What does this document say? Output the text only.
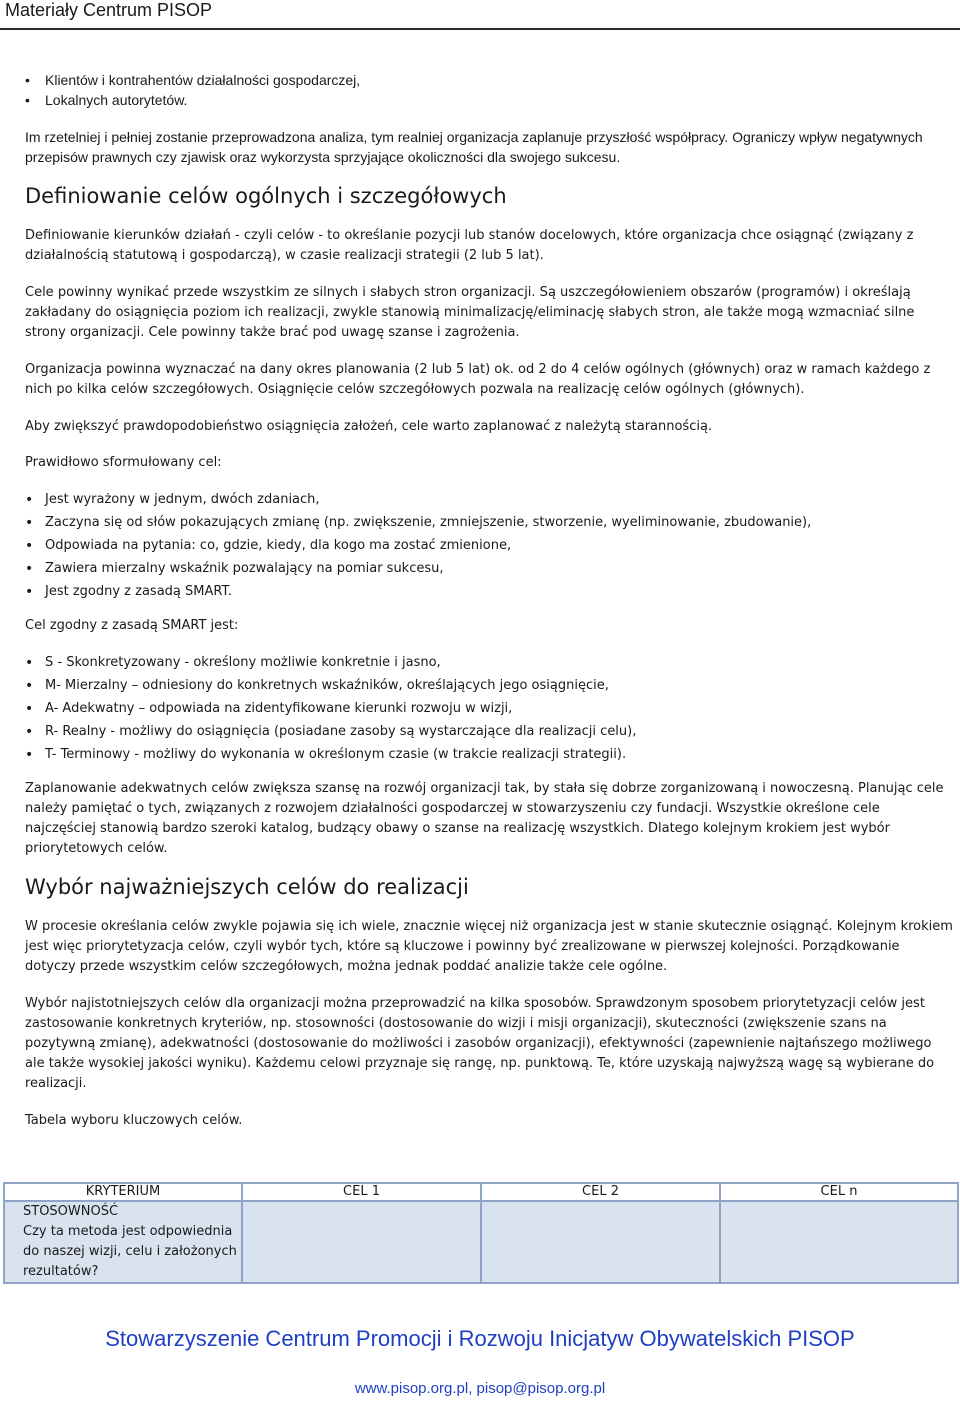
Materiały Centrum PISOP
• Klientów i kontrahentów działalności gospodarczej,
• Lokalnych autorytetów.

Im rzetelniej i pełniej zostanie przeprowadzona analiza, tym realniej organizacja zaplanuje przyszłość współpracy. Ograniczy wpływ negatywnych przepisów prawnych czy zjawisk oraz wykorzysta sprzyjające okoliczności dla swojego sukcesu.

Definiowanie celów ogólnych i szczegółowych

Definiowanie kierunków działań - czyli celów - to określanie pozycji lub stanów docelowych, które organizacja chce osiągnąć (związany z działalnością statutową i gospodarczą), w czasie realizacji strategii (2 lub 5 lat).

Cele powinny wynikać przede wszystkim ze silnych i słabych stron organizacji. Są uszczegółowieniem obszarów (programów) i określają zakładany do osiągnięcia poziom ich realizacji, zwykle stanowią minimalizację/eliminację słabych stron, ale także mogą wzmacniać silne strony organizacji. Cele powinny także brać pod uwagę szanse i zagrożenia.

Organizacja powinna wyznaczać na dany okres planowania (2 lub 5 lat) ok. od 2 do 4 celów ogólnych (głównych) oraz w ramach każdego z nich po kilka celów szczegółowych. Osiągnięcie celów szczegółowych pozwala na realizację celów ogólnych (głównych).

Aby zwiększyć prawdopodobieństwo osiągnięcia założeń, cele warto zaplanować z należytą starannością.

Prawidłowo sformułowany cel:

• Jest wyrażony w jednym, dwóch zdaniach,
• Zaczyna się od słów pokazujących zmianę (np. zwiększenie, zmniejszenie, stworzenie, wyeliminowanie, zbudowanie),
• Odpowiada na pytania: co, gdzie, kiedy, dla kogo ma zostać zmienione,
• Zawiera mierzalny wskaźnik pozwalający na pomiar sukcesu,
• Jest zgodny z zasadą SMART.

Cel zgodny z zasadą SMART jest:

• S - Skonkretyzowany - określony możliwie konkretnie i jasno,
• M- Mierzalny – odniesiony do konkretnych wskaźników, określających jego osiągnięcie,
• A- Adekwatny – odpowiada na zidentyfikowane kierunki rozwoju w wizji,
• R- Realny - możliwy do osiągnięcia (posiadane zasoby są wystarczające dla realizacji celu),
• T- Terminowy - możliwy do wykonania w określonym czasie (w trakcie realizacji strategii).

Zaplanowanie adekwatnych celów zwiększa szansę na rozwój organizacji tak, by stała się dobrze zorganizowaną i nowoczesną. Planując cele należy pamiętać o tych, związanych z rozwojem działalności gospodarczej w stowarzyszeniu czy fundacji. Wszystkie określone cele najczęściej stanowią bardzo szeroki katalog, budzący obawy o szanse na realizację wszystkich. Dlatego kolejnym krokiem jest wybór priorytetowych celów.

Wybór najważniejszych celów do realizacji

W procesie określania celów zwykle pojawia się ich wiele, znacznie więcej niż organizacja jest w stanie skutecznie osiągnąć. Kolejnym krokiem jest więc priorytetyzacja celów, czyli wybór tych, które są kluczowe i powinny być zrealizowane w pierwszej kolejności. Porządkowanie dotyczy przede wszystkim celów szczegółowych, można jednak poddać analizie także cele ogólne.

Wybór najistotniejszych celów dla organizacji można przeprowadzić na kilka sposobów. Sprawdzonym sposobem priorytetyzacji celów jest zastosowanie konkretnych kryteriów, np. stosowności (dostosowanie do wizji i misji organizacji), skuteczności (zwiększenie szans na pozytywną zmianę), adekwatności (dostosowanie do możliwości i zasobów organizacji), efektywności (zapewnienie najtańszego możliwego ale także wysokiej jakości wyniku). Każdemu celowi przyznaje się rangę, np. punktową. Te, które uzyskają najwyższą wagę są wybierane do realizacji.

Tabela wyboru kluczowych celów.

KRYTERIUM	CEL 1	CEL 2	CEL n

STOSOWNOŚĆ
Czy ta metoda jest odpowiednia do naszej wizji, celu i założonych rezultatów?			

Stowarzyszenie Centrum Promocji i Rozwoju Inicjatyw Obywatelskich PISOP
www.pisop.org.pl, pisop@pisop.org.pl
